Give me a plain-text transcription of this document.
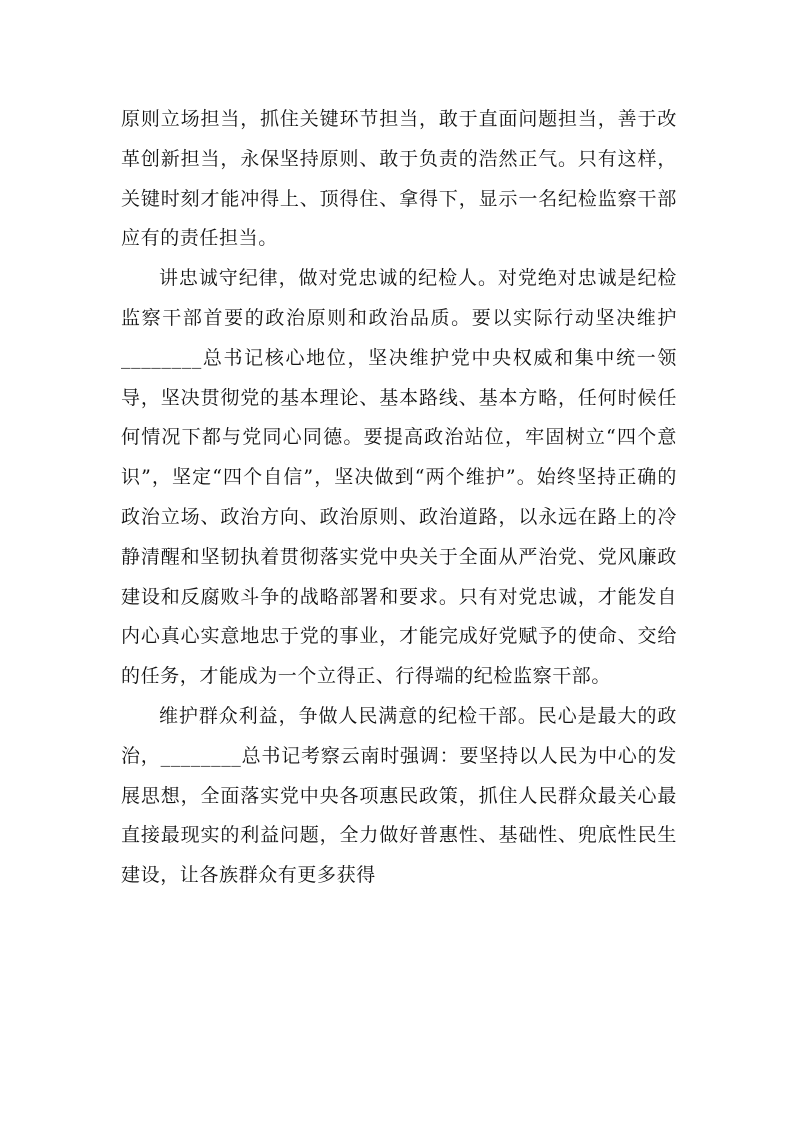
原则立场担当，抓住关键环节担当，敢于直面问题担当，善于改革创新担当，永保坚持原则、敢于负责的浩然正气。只有这样，关键时刻才能冲得上、顶得住、拿得下，显示一名纪检监察干部应有的责任担当。

讲忠诚守纪律，做对党忠诚的纪检人。对党绝对忠诚是纪检监察干部首要的政治原则和政治品质。要以实际行动坚决维护________总书记核心地位，坚决维护党中央权威和集中统一领导，坚决贯彻党的基本理论、基本路线、基本方略，任何时候任何情况下都与党同心同德。要提高政治站位，牢固树立“四个意识”，坚定“四个自信”，坚决做到“两个维护”。始终坚持正确的政治立场、政治方向、政治原则、政治道路，以永远在路上的冷静清醒和坚韧执着贯彻落实党中央关于全面从严治党、党风廉政建设和反腐败斗争的战略部署和要求。只有对党忠诚，才能发自内心真心实意地忠于党的事业，才能完成好党赋予的使命、交给的任务，才能成为一个立得正、行得端的纪检监察干部。

维护群众利益，争做人民满意的纪检干部。民心是最大的政治，________总书记考察云南时强调：要坚持以人民为中心的发展思想，全面落实党中央各项惠民政策，抓住人民群众最关心最直接最现实的利益问题，全力做好普惠性、基础性、兜底性民生建设，让各族群众有更多获得
